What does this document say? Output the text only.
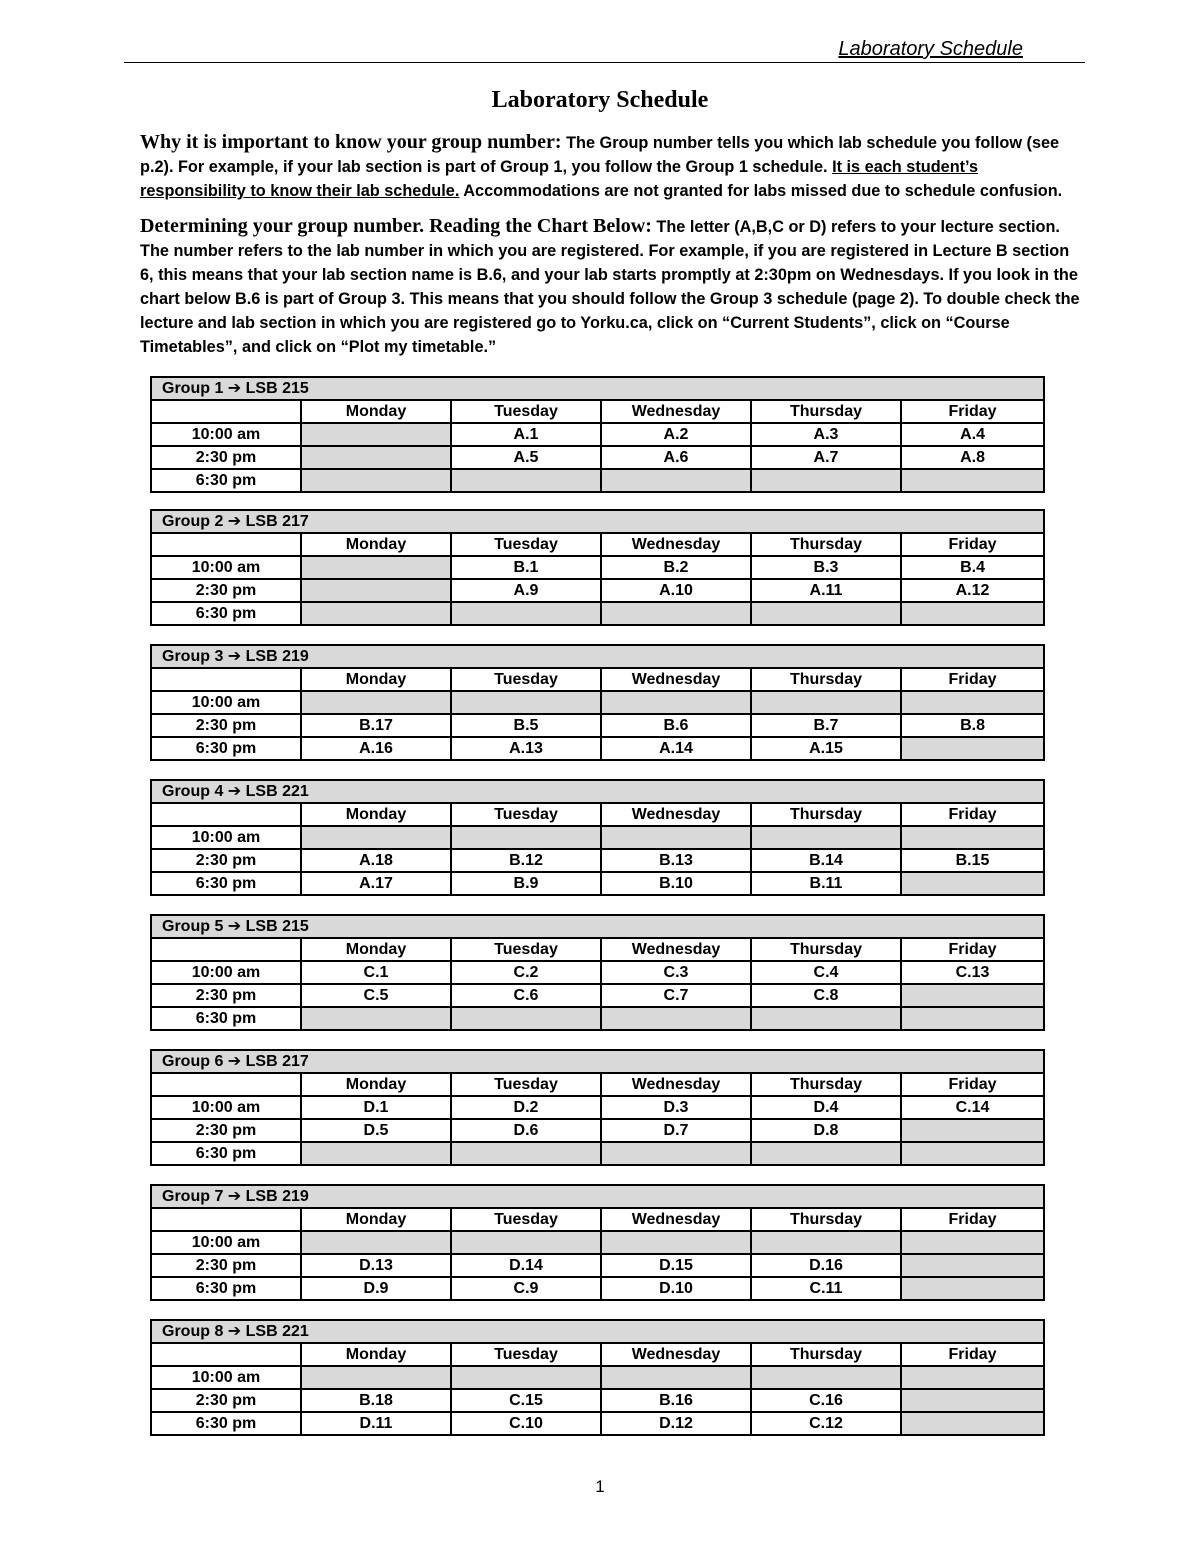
Laboratory Schedule
Laboratory Schedule
Why it is important to know your group number: The Group number tells you which lab schedule you follow (see p.2). For example, if your lab section is part of Group 1, you follow the Group 1 schedule. It is each student’s responsibility to know their lab schedule. Accommodations are not granted for labs missed due to schedule confusion.
Determining your group number. Reading the Chart Below: The letter (A,B,C or D) refers to your lecture section. The number refers to the lab number in which you are registered. For example, if you are registered in Lecture B section 6, this means that your lab section name is B.6, and your lab starts promptly at 2:30pm on Wednesdays. If you look in the chart below B.6 is part of Group 3. This means that you should follow the Group 3 schedule (page 2). To double check the lecture and lab section in which you are registered go to Yorku.ca, click on “Current Students”, click on “Course Timetables”, and click on “Plot my timetable.”
Group 1 ➔ LSB 215					
	Monday	Tuesday	Wednesday	Thursday	Friday
10:00 am		A.1	A.2	A.3	A.4
2:30 pm		A.5	A.6	A.7	A.8
6:30 pm					
Group 2 ➔ LSB 217					
	Monday	Tuesday	Wednesday	Thursday	Friday
10:00 am		B.1	B.2	B.3	B.4
2:30 pm		A.9	A.10	A.11	A.12
6:30 pm					
Group 3 ➔ LSB 219					
	Monday	Tuesday	Wednesday	Thursday	Friday
10:00 am					
2:30 pm	B.17	B.5	B.6	B.7	B.8
6:30 pm	A.16	A.13	A.14	A.15	
Group 4 ➔ LSB 221					
	Monday	Tuesday	Wednesday	Thursday	Friday
10:00 am					
2:30 pm	A.18	B.12	B.13	B.14	B.15
6:30 pm	A.17	B.9	B.10	B.11	
Group 5 ➔ LSB 215					
	Monday	Tuesday	Wednesday	Thursday	Friday
10:00 am	C.1	C.2	C.3	C.4	C.13
2:30 pm	C.5	C.6	C.7	C.8	
6:30 pm					
Group 6 ➔ LSB 217					
	Monday	Tuesday	Wednesday	Thursday	Friday
10:00 am	D.1	D.2	D.3	D.4	C.14
2:30 pm	D.5	D.6	D.7	D.8	
6:30 pm					
Group 7 ➔ LSB 219					
	Monday	Tuesday	Wednesday	Thursday	Friday
10:00 am					
2:30 pm	D.13	D.14	D.15	D.16	
6:30 pm	D.9	C.9	D.10	C.11	
Group 8 ➔ LSB 221					
	Monday	Tuesday	Wednesday	Thursday	Friday
10:00 am					
2:30 pm	B.18	C.15	B.16	C.16	
6:30 pm	D.11	C.10	D.12	C.12	
1
